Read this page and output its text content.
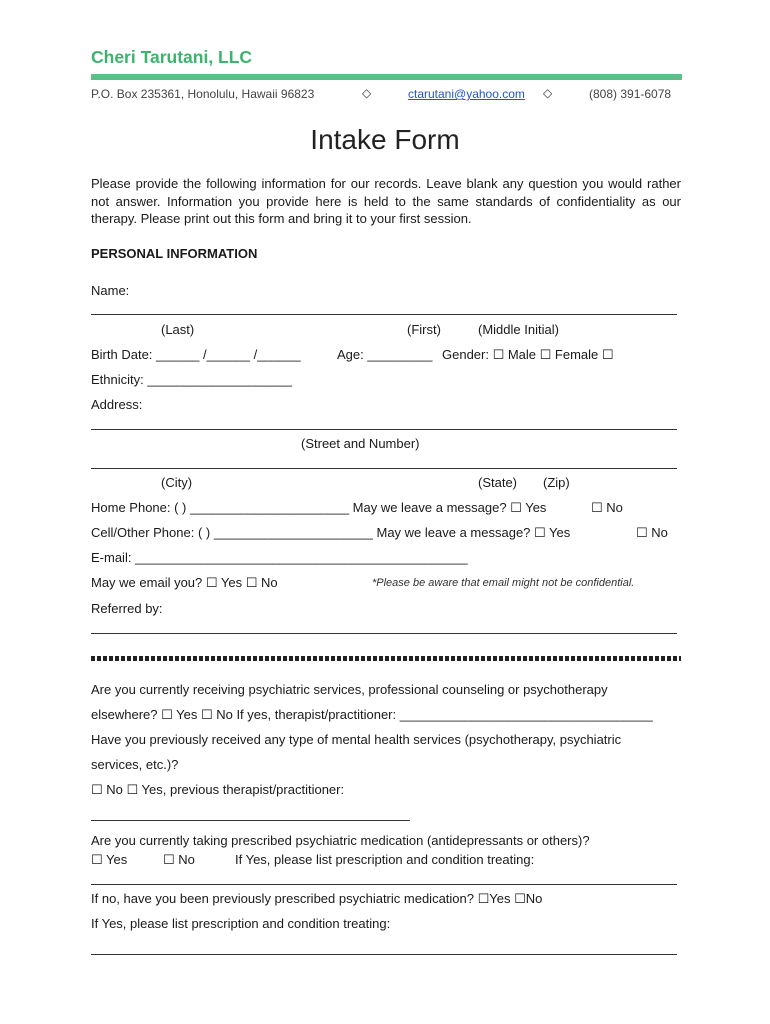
Cheri Tarutani, LLC
P.O. Box 235361, Honolulu, Hawaii 96823	◇	ctarutani@yahoo.com ◇	(808) 391-6078
Intake Form
Please provide the following information for our records. Leave blank any question you would rather not answer. Information you provide here is held to the same standards of confidentiality as our therapy. Please print out this form and bring it to your first session.
PERSONAL INFORMATION
Name:
(Last)	(First)	(Middle Initial)
Birth Date: ______ /______ /______	Age: _________ Gender: ☐ Male ☐ Female ☐
Ethnicity: ____________________
Address:
(Street and Number)
(City)	(State) (Zip)
Home Phone: ( ) ______________________ May we leave a message? ☐ Yes	☐ No
Cell/Other Phone: ( ) ______________________ May we leave a message? ☐ Yes	☐ No
E-mail: ______________________________________________
May we email you? ☐ Yes ☐ No	*Please be aware that email might not be confidential.
Referred by:
Are you currently receiving psychiatric services, professional counseling or psychotherapy
elsewhere? ☐ Yes ☐ No If yes, therapist/practitioner: ___________________________________
Have you previously received any type of mental health services (psychotherapy, psychiatric
services, etc.)?
☐ No ☐ Yes, previous therapist/practitioner:
Are you currently taking prescribed psychiatric medication (antidepressants or others)?
☐ Yes	☐ No	If Yes, please list prescription and condition treating:
If no, have you been previously prescribed psychiatric medication? ☐Yes ☐No
If Yes, please list prescription and condition treating:
